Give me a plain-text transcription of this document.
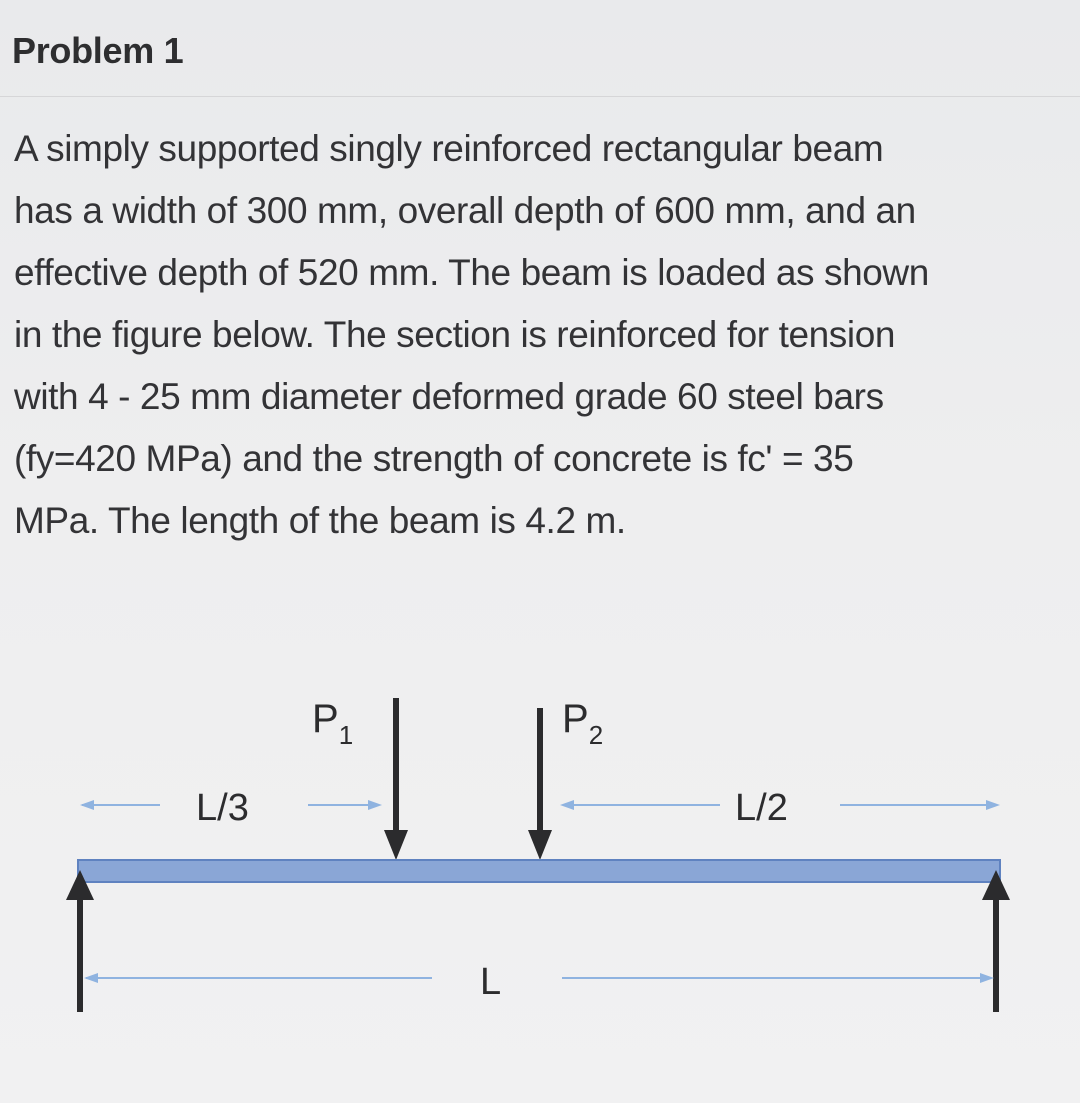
Problem 1

A simply supported singly reinforced rectangular beam
has a width of 300 mm, overall depth of 600 mm, and an
effective depth of 520 mm. The beam is loaded as shown
in the figure below. The section is reinforced for tension
with 4 - 25 mm diameter deformed grade 60 steel bars
(fy=420 MPa) and the strength of concrete is fc' = 35
MPa. The length of the beam is 4.2 m.

$P_1$	$P_2$
L/3	L/2
L
